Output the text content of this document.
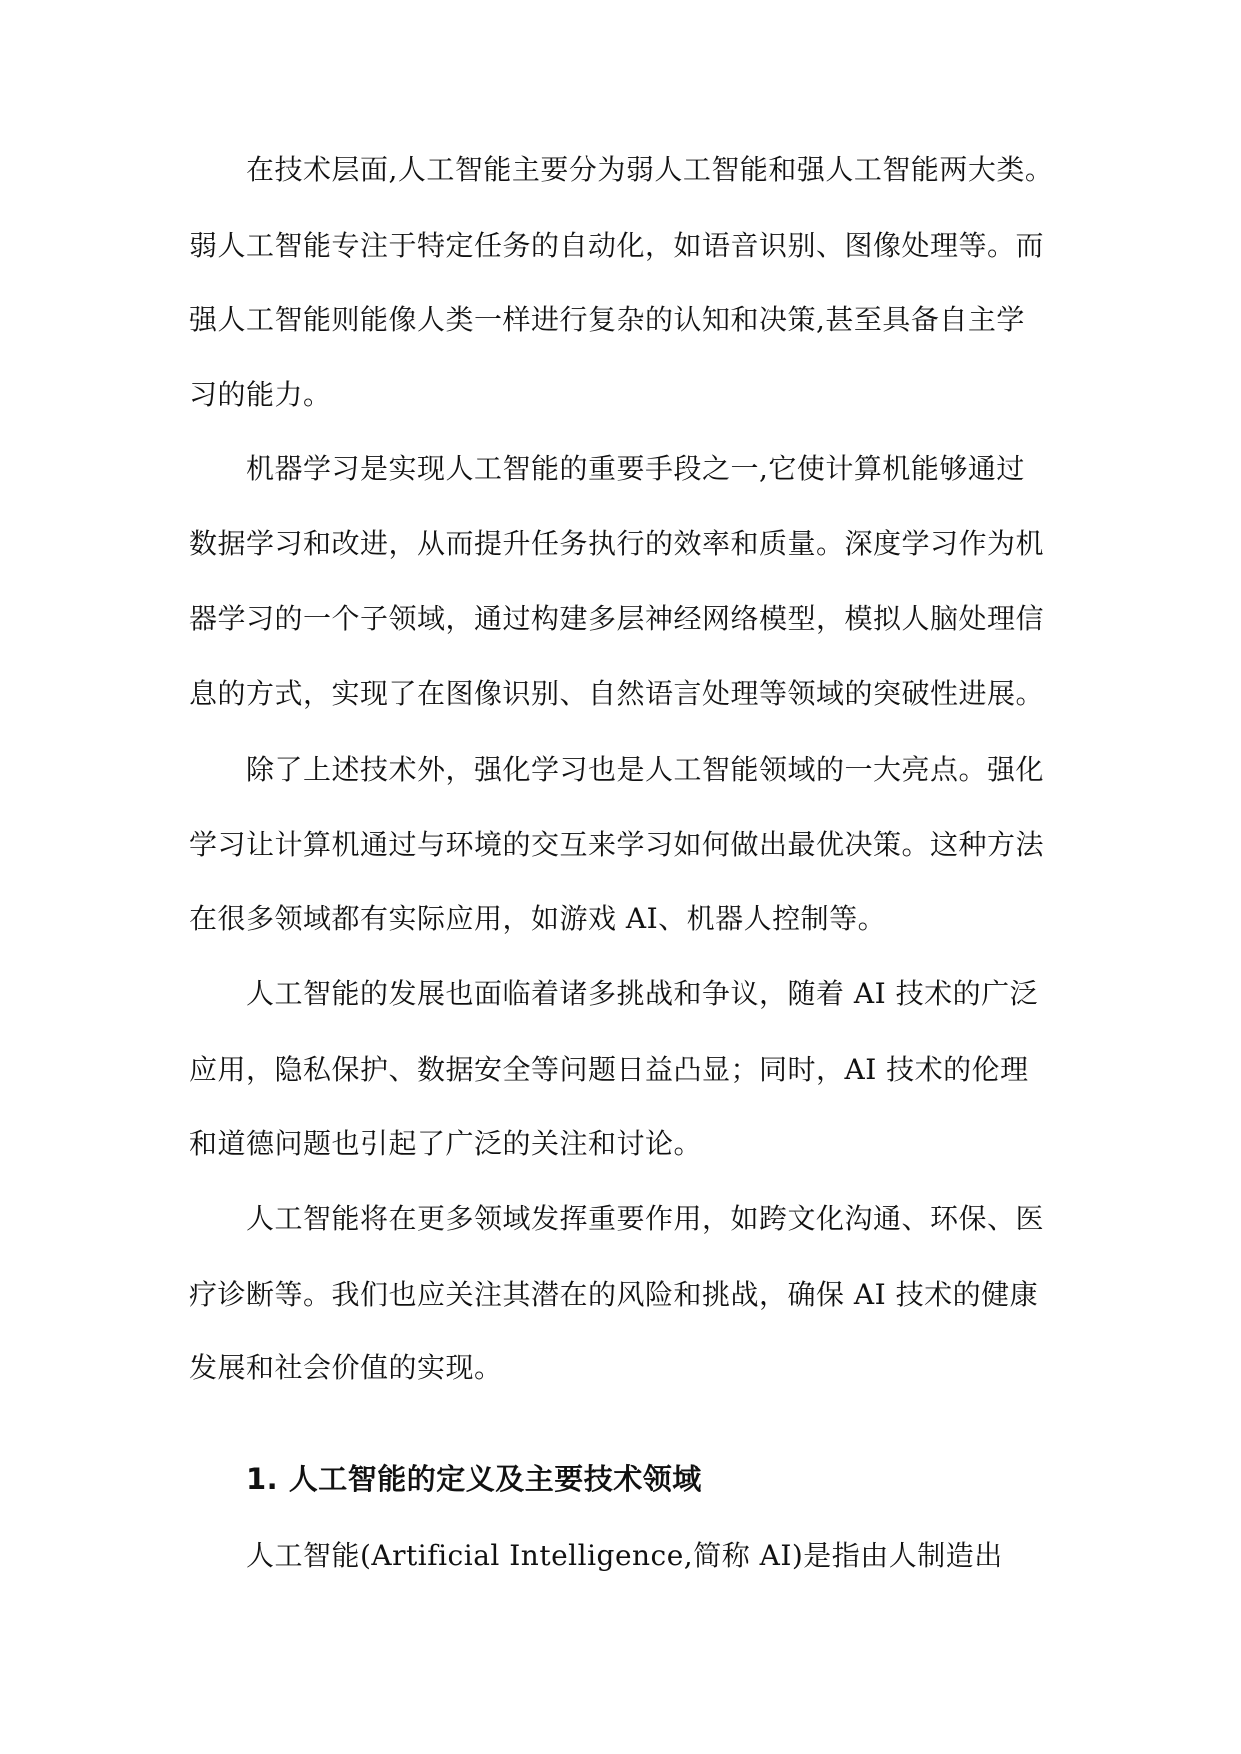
在技术层面,人工智能主要分为弱人工智能和强人工智能两大类。
弱人工智能专注于特定任务的自动化，如语音识别、图像处理等。而
强人工智能则能像人类一样进行复杂的认知和决策,甚至具备自主学
习的能力。
机器学习是实现人工智能的重要手段之一,它使计算机能够通过
数据学习和改进，从而提升任务执行的效率和质量。深度学习作为机
器学习的一个子领域，通过构建多层神经网络模型，模拟人脑处理信
息的方式，实现了在图像识别、自然语言处理等领域的突破性进展。
除了上述技术外，强化学习也是人工智能领域的一大亮点。强化
学习让计算机通过与环境的交互来学习如何做出最优决策。这种方法
在很多领域都有实际应用，如游戏 AI、机器人控制等。
人工智能的发展也面临着诸多挑战和争议，随着 AI 技术的广泛
应用，隐私保护、数据安全等问题日益凸显；同时，AI 技术的伦理
和道德问题也引起了广泛的关注和讨论。
人工智能将在更多领域发挥重要作用，如跨文化沟通、环保、医
疗诊断等。我们也应关注其潜在的风险和挑战，确保 AI 技术的健康
发展和社会价值的实现。
1. 人工智能的定义及主要技术领域
人工智能(Artificial Intelligence,简称 AI)是指由人制造出
